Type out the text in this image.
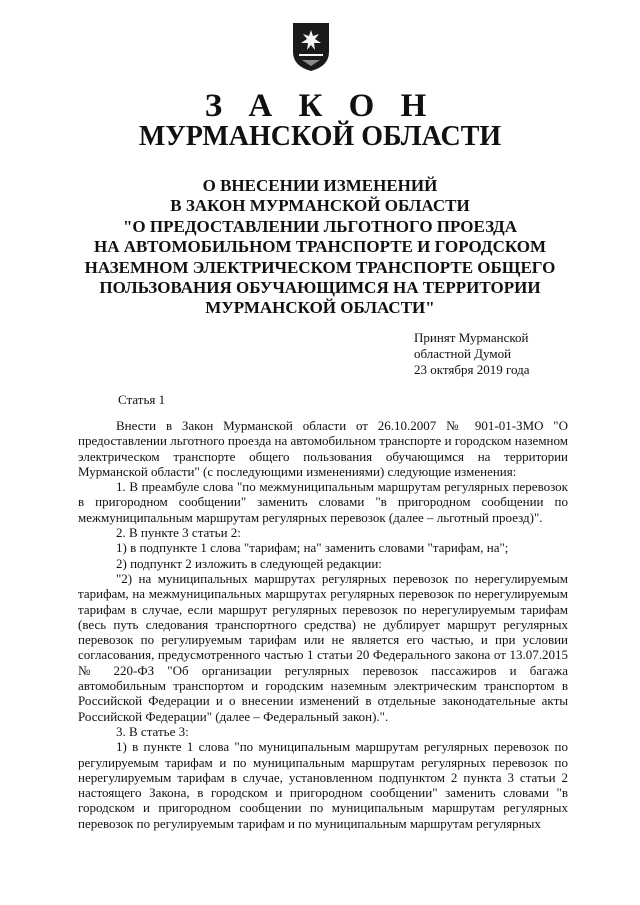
З А К О Н
МУРМАНСКОЙ ОБЛАСТИ
О ВНЕСЕНИИ ИЗМЕНЕНИЙ
В ЗАКОН МУРМАНСКОЙ ОБЛАСТИ
"О ПРЕДОСТАВЛЕНИИ ЛЬГОТНОГО ПРОЕЗДА
НА АВТОМОБИЛЬНОМ ТРАНСПОРТЕ И ГОРОДСКОМ
НАЗЕМНОМ ЭЛЕКТРИЧЕСКОМ ТРАНСПОРТЕ ОБЩЕГО
ПОЛЬЗОВАНИЯ ОБУЧАЮЩИМСЯ НА ТЕРРИТОРИИ
МУРМАНСКОЙ ОБЛАСТИ"
Принят Мурманской
областной Думой
23 октября 2019 года
Статья 1

Внести в Закон Мурманской области от 26.10.2007 № 901-01-ЗМО "О предоставлении льготного проезда на автомобильном транспорте и городском наземном электрическом транспорте общего пользования обучающимся на территории Мурманской области" (с последующими изменениями) следующие изменения:

1. В преамбуле слова "по межмуниципальным маршрутам регулярных перевозок в пригородном сообщении" заменить словами "в пригородном сообщении по межмуниципальным маршрутам регулярных перевозок (далее – льготный проезд)".

2. В пункте 3 статьи 2:

1) в подпункте 1 слова "тарифам; на" заменить словами "тарифам, на";

2) подпункт 2 изложить в следующей редакции:

"2) на муниципальных маршрутах регулярных перевозок по нерегулируемым тарифам, на межмуниципальных маршрутах регулярных перевозок по нерегулируемым тарифам в случае, если маршрут регулярных перевозок по нерегулируемым тарифам (весь путь следования транспортного средства) не дублирует маршрут регулярных перевозок по регулируемым тарифам или не является его частью, и при условии согласования, предусмотренного частью 1 статьи 20 Федерального закона от 13.07.2015 № 220-ФЗ "Об организации регулярных перевозок пассажиров и багажа автомобильным транспортом и городским наземным электрическим транспортом в Российской Федерации и о внесении изменений в отдельные законодательные акты Российской Федерации" (далее – Федеральный закон).".

3. В статье 3:

1) в пункте 1 слова "по муниципальным маршрутам регулярных перевозок по регулируемым тарифам и по муниципальным маршрутам регулярных перевозок по нерегулируемым тарифам в случае, установленном подпунктом 2 пункта 3 статьи 2 настоящего Закона, в городском и пригородном сообщении" заменить словами "в городском и пригородном сообщении по муниципальным маршрутам регулярных перевозок по регулируемым тарифам и по муниципальным маршрутам регулярных
